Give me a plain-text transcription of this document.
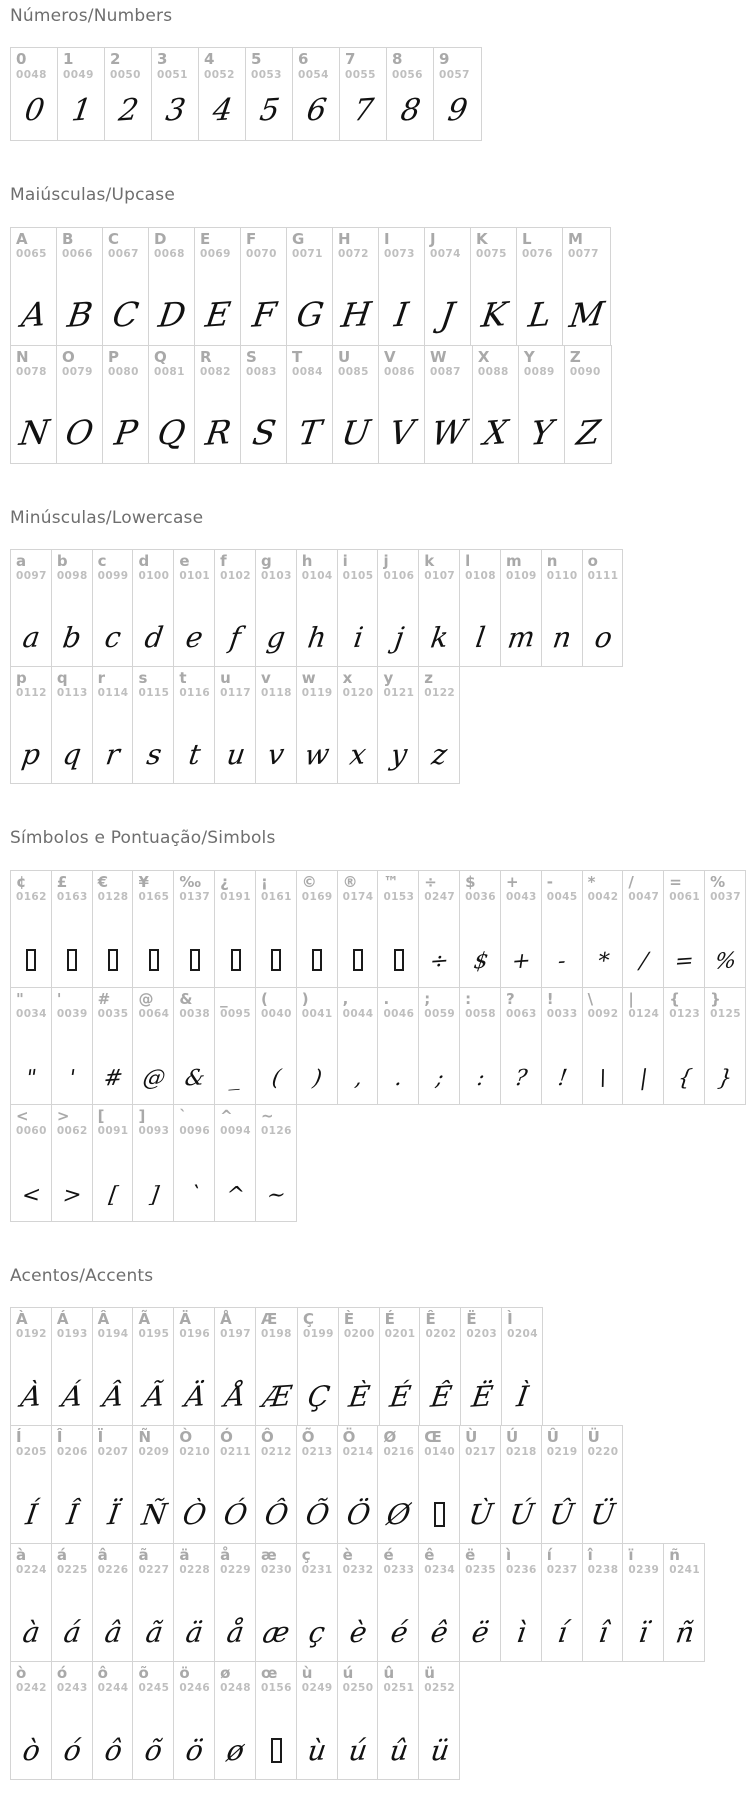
Números/Numbers
0
0048
0
1
0049
1
2
0050
2
3
0051
3
4
0052
4
5
0053
5
6
0054
6
7
0055
7
8
0056
8
9
0057
9
Maiúsculas/Upcase
A
0065
A
B
0066
B
C
0067
C
D
0068
D
E
0069
E
F
0070
F
G
0071
G
H
0072
H
I
0073
I
J
0074
J
K
0075
K
L
0076
L
M
0077
M
N
0078
N
O
0079
O
P
0080
P
Q
0081
Q
R
0082
R
S
0083
S
T
0084
T
U
0085
U
V
0086
V
W
0087
W
X
0088
X
Y
0089
Y
Z
0090
Z
Minúsculas/Lowercase
a
0097
a
b
0098
b
c
0099
c
d
0100
d
e
0101
e
f
0102
f
g
0103
g
h
0104
h
i
0105
i
j
0106
j
k
0107
k
l
0108
l
m
0109
m
n
0110
n
o
0111
o
p
0112
p
q
0113
q
r
0114
r
s
0115
s
t
0116
t
u
0117
u
v
0118
v
w
0119
w
x
0120
x
y
0121
y
z
0122
z
Símbolos e Pontuação/Simbols
¢
0162
£
0163
€
0128
¥
0165
‰
0137
¿
0191
¡
0161
©
0169
®
0174
™
0153
÷
0247
÷
$
0036
$
+
0043
+
-
0045
-
*
0042
*
/
0047
/
=
0061
=
%
0037
%
"
0034
"
'
0039
'
#
0035
#
@
0064
@
&
0038
&
_
0095
_
(
0040
(
)
0041
)
,
0044
,
.
0046
.
;
0059
;
:
0058
:
?
0063
?
!
0033
!
\
0092
\
|
0124
|
{
0123
{
}
0125
}
<
0060
<
>
0062
>
[
0091
[
]
0093
]
`
0096
`
^
0094
^
~
0126
~
Acentos/Accents
À
0192
À
Á
0193
Á
Â
0194
Â
Ã
0195
Ã
Ä
0196
Ä
Å
0197
Å
Æ
0198
Æ
Ç
0199
Ç
È
0200
È
É
0201
É
Ê
0202
Ê
Ë
0203
Ë
Ì
0204
Ì
Í
0205
Í
Î
0206
Î
Ï
0207
Ï
Ñ
0209
Ñ
Ò
0210
Ò
Ó
0211
Ó
Ô
0212
Ô
Õ
0213
Õ
Ö
0214
Ö
Ø
0216
Ø
Œ
0140
Ù
0217
Ù
Ú
0218
Ú
Û
0219
Û
Ü
0220
Ü
à
0224
à
á
0225
á
â
0226
â
ã
0227
ã
ä
0228
ä
å
0229
å
æ
0230
æ
ç
0231
ç
è
0232
è
é
0233
é
ê
0234
ê
ë
0235
ë
ì
0236
ì
í
0237
í
î
0238
î
ï
0239
ï
ñ
0241
ñ
ò
0242
ò
ó
0243
ó
ô
0244
ô
õ
0245
õ
ö
0246
ö
ø
0248
ø
œ
0156
ù
0249
ù
ú
0250
ú
û
0251
û
ü
0252
ü
